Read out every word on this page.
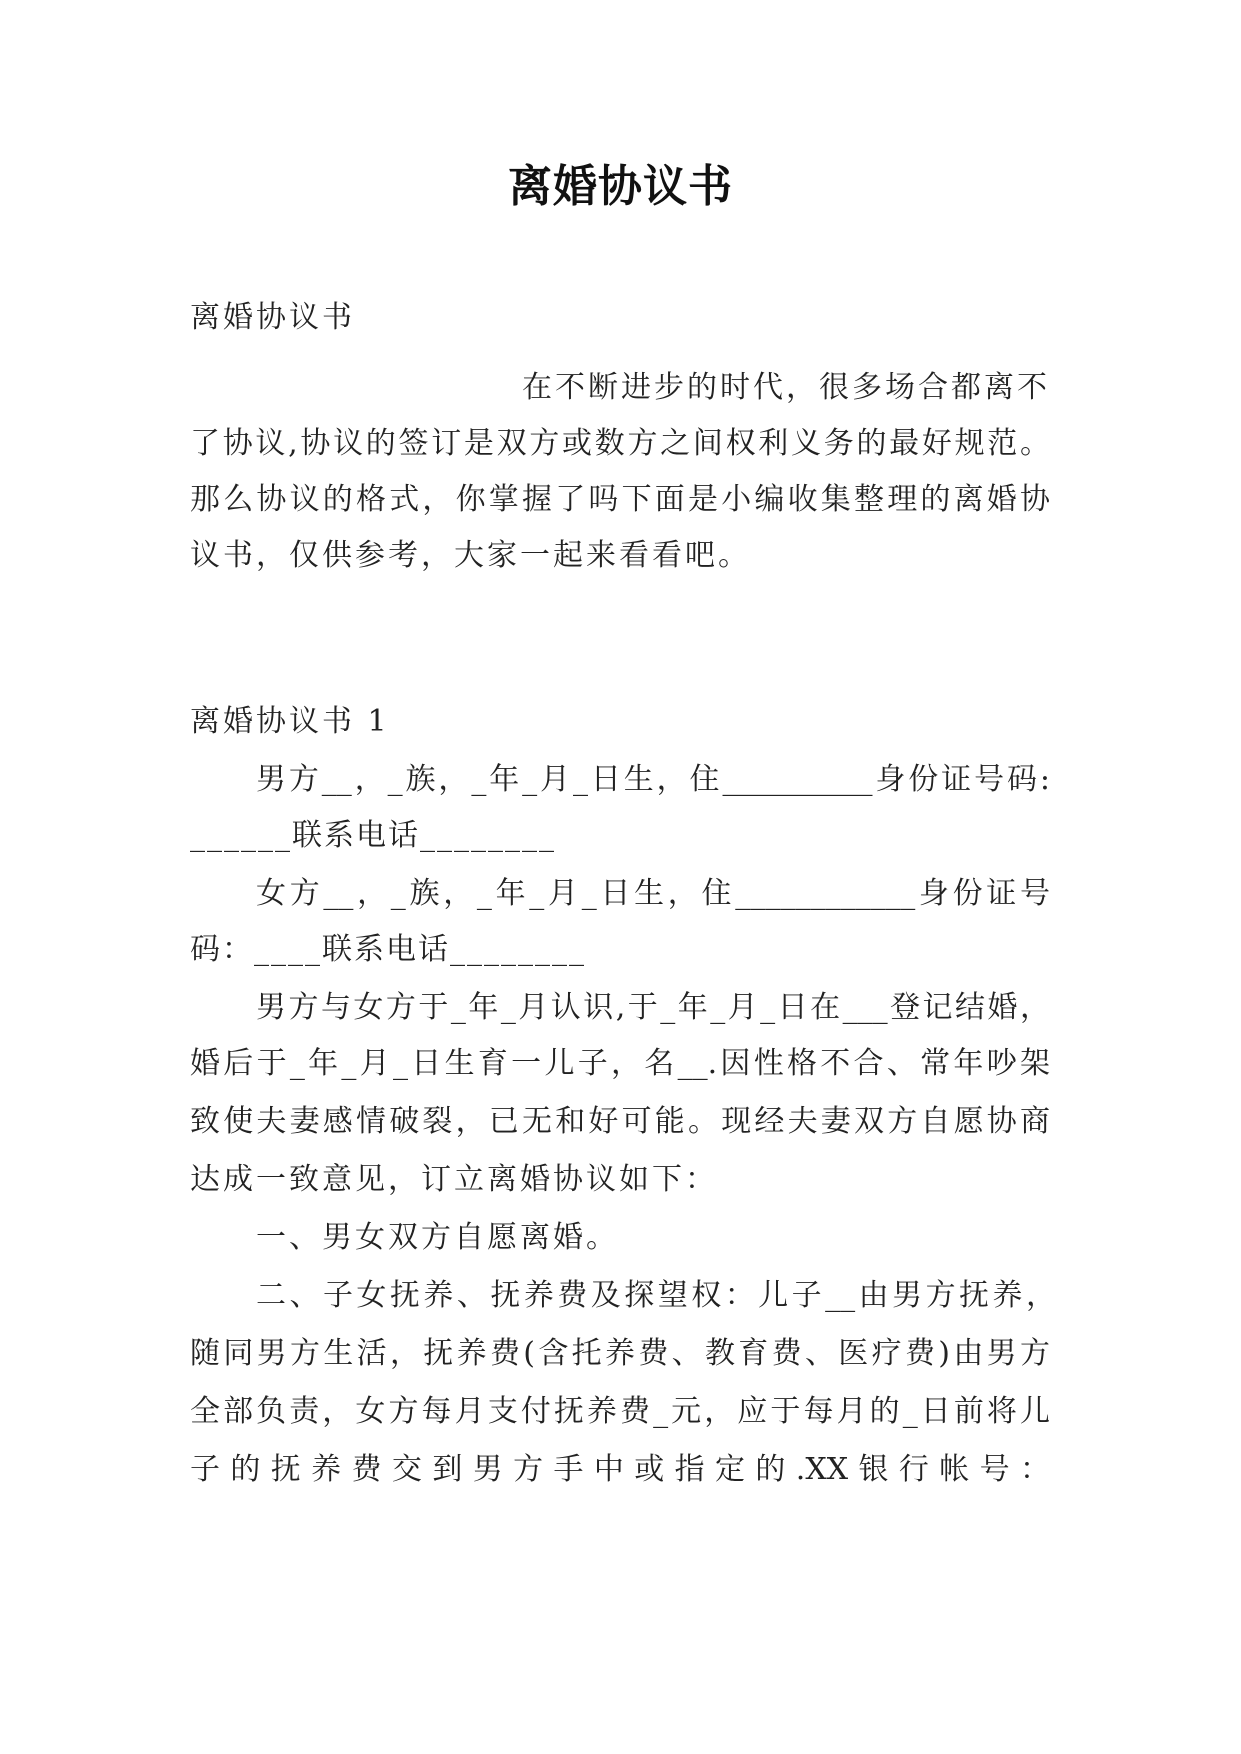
离婚协议书
离婚协议书
在不断进步的时代，很多场合都离不
了协议,协议的签订是双方或数方之间权利义务的最好规范。
那么协议的格式，你掌握了吗下面是小编收集整理的离婚协
议书，仅供参考，大家一起来看看吧。
离婚协议书 1
男方__，_族，_年_月_日生，住__________身份证号码:
______联系电话________
女方__，_族，_年_月_日生，住____________身份证号
码：____联系电话________
男方与女方于_年_月认识,于_年_月_日在___登记结婚，
婚后于_年_月_日生育一儿子，名__.因性格不合、常年吵架
致使夫妻感情破裂，已无和好可能。现经夫妻双方自愿协商
达成一致意见，订立离婚协议如下：
一、男女双方自愿离婚。
二、子女抚养、抚养费及探望权：儿子__由男方抚养，
随同男方生活，抚养费(含托养费、教育费、医疗费)由男方
全部负责，女方每月支付抚养费_元，应于每月的_日前将儿
子的抚养费交到男方手中或指定的.XX银行帐号：
